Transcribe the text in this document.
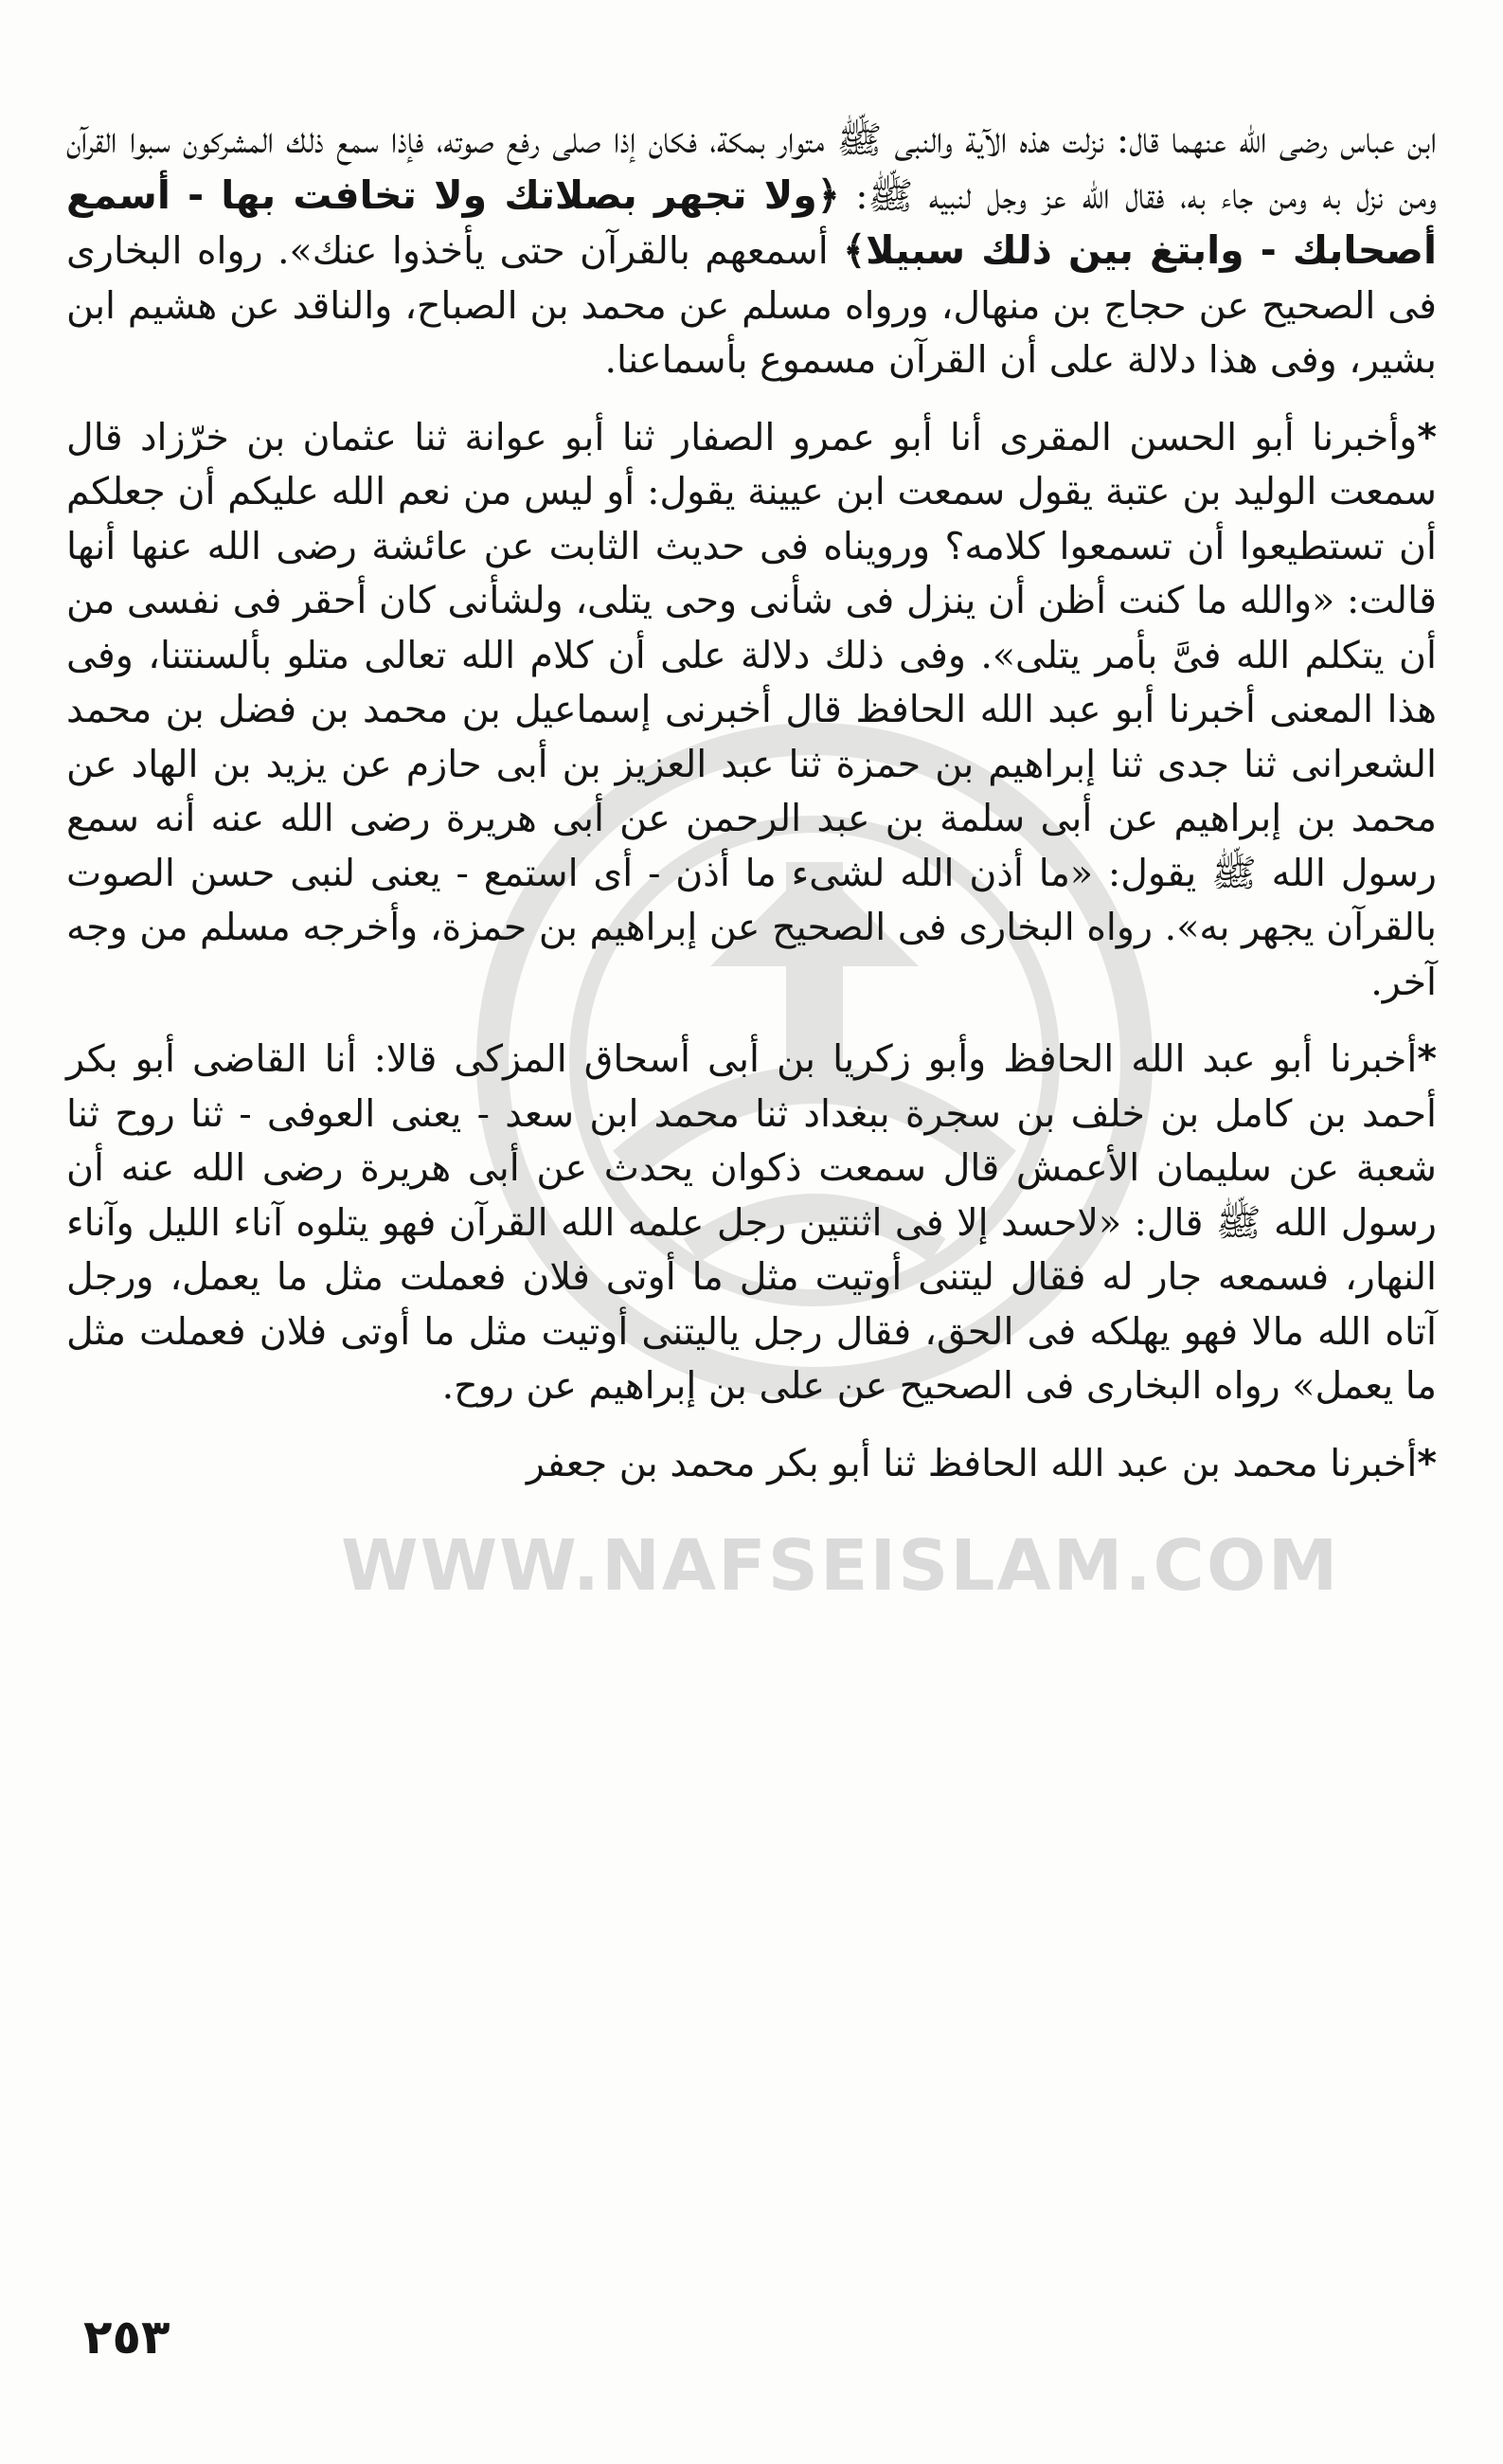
WWW.NAFSEISLAM.COM

ابن عباس رضى الله عنهما قال: نزلت هذه الآية والنبى ﷺ متوار بمكة، فكان إذا صلى رفع صوته، فإذا سمع ذلك المشركون سبوا القرآن ومن نزل به ومن جاء به، فقال الله عز وجل لنبيه ﷺ: ﴿ولا تجهر بصلاتك ولا تخافت بها - أسمع أصحابك - وابتغ بين ذلك سبيلا﴾ أسمعهم بالقرآن حتى يأخذوا عنك». رواه البخارى فى الصحيح عن حجاج بن منهال، ورواه مسلم عن محمد بن الصباح، والناقد عن هشيم ابن بشير، وفى هذا دلالة على أن القرآن مسموع بأسماعنا.

*وأخبرنا أبو الحسن المقرى أنا أبو عمرو الصفار ثنا أبو عوانة ثنا عثمان بن خرّزاد قال سمعت الوليد بن عتبة يقول سمعت ابن عيينة يقول: أو ليس من نعم الله عليكم أن جعلكم أن تستطيعوا أن تسمعوا كلامه؟ ورويناه فى حديث الثابت عن عائشة رضى الله عنها أنها قالت: «والله ما كنت أظن أن ينزل فى شأنى وحى يتلى، ولشأنى كان أحقر فى نفسى من أن يتكلم الله فىَّ بأمر يتلى». وفى ذلك دلالة على أن كلام الله تعالى متلو بألسنتنا، وفى هذا المعنى أخبرنا أبو عبد الله الحافظ قال أخبرنى إسماعيل بن محمد بن فضل بن محمد الشعرانى ثنا جدى ثنا إبراهيم بن حمزة ثنا عبد العزيز بن أبى حازم عن يزيد بن الهاد عن محمد بن إبراهيم عن أبى سلمة بن عبد الرحمن عن أبى هريرة رضى الله عنه أنه سمع رسول الله ﷺ يقول: «ما أذن الله لشىء ما أذن - أى استمع - يعنى لنبى حسن الصوت بالقرآن يجهر به». رواه البخارى فى الصحيح عن إبراهيم بن حمزة، وأخرجه مسلم من وجه آخر.

*أخبرنا أبو عبد الله الحافظ وأبو زكريا بن أبى أسحاق المزكى قالا: أنا القاضى أبو بكر أحمد بن كامل بن خلف بن سجرة ببغداد ثنا محمد ابن سعد - يعنى العوفى - ثنا روح ثنا شعبة عن سليمان الأعمش قال سمعت ذكوان يحدث عن أبى هريرة رضى الله عنه أن رسول الله ﷺ قال: «لاحسد إلا فى اثنتين رجل علمه الله القرآن فهو يتلوه آناء الليل وآناء النهار، فسمعه جار له فقال ليتنى أوتيت مثل ما أوتى فلان فعملت مثل ما يعمل، ورجل آتاه الله مالا فهو يهلكه فى الحق، فقال رجل ياليتنى أوتيت مثل ما أوتى فلان فعملت مثل ما يعمل» رواه البخارى فى الصحيح عن على بن إبراهيم عن روح.

*أخبرنا محمد بن عبد الله الحافظ ثنا أبو بكر محمد بن جعفر

٢٥٣
